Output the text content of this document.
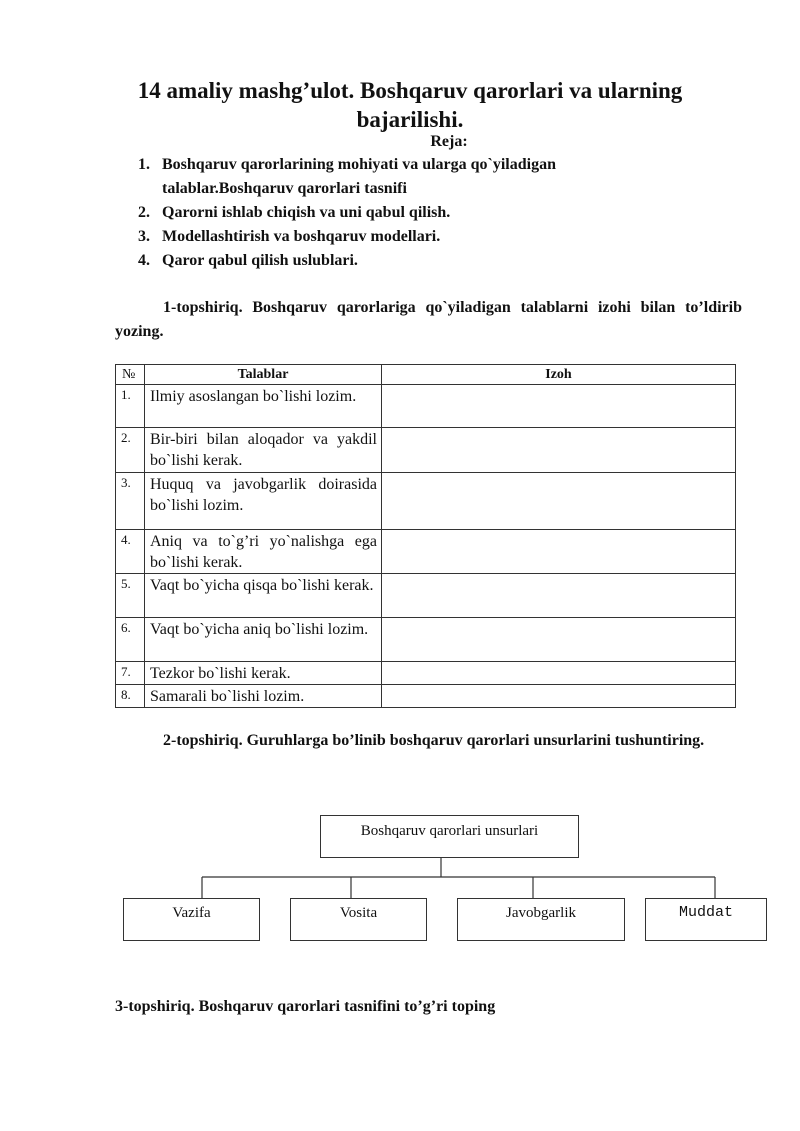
14 amaliy mashg’ulot. Boshqaruv qarorlari va ularning bajarilishi.
Reja:
1. Boshqaruv qarorlarining mohiyati va ularga qo`yiladigan talablar.Boshqaruv qarorlari tasnifi
2. Qarorni ishlab chiqish va uni qabul qilish.
3. Modellashtirish va boshqaruv modellari.
4. Qaror qabul qilish uslublari.
1-topshiriq. Boshqaruv qarorlariga qo`yiladigan talablarni izohi bilan to’ldirib yozing.
№	Talablar	Izoh
1.	Ilmiy asoslangan bo`lishi lozim.	
2.	Bir-biri bilan aloqador va yakdil bo`lishi kerak.	
3.	Huquq va javobgarlik doirasida bo`lishi lozim.	
4.	Aniq va to`g’ri yo`nalishga ega bo`lishi kerak.	
5.	Vaqt bo`yicha qisqa bo`lishi kerak.	
6.	Vaqt bo`yicha aniq bo`lishi lozim.	
7.	Tezkor bo`lishi kerak.	
8.	Samarali bo`lishi lozim.	
2-topshiriq. Guruhlarga bo’linib boshqaruv qarorlari unsurlarini tushuntiring.
Boshqaruv qarorlari unsurlari
Vazifa	Vosita	Javobgarlik	Muddat
3-topshiriq. Boshqaruv qarorlari tasnifini to’g’ri toping
